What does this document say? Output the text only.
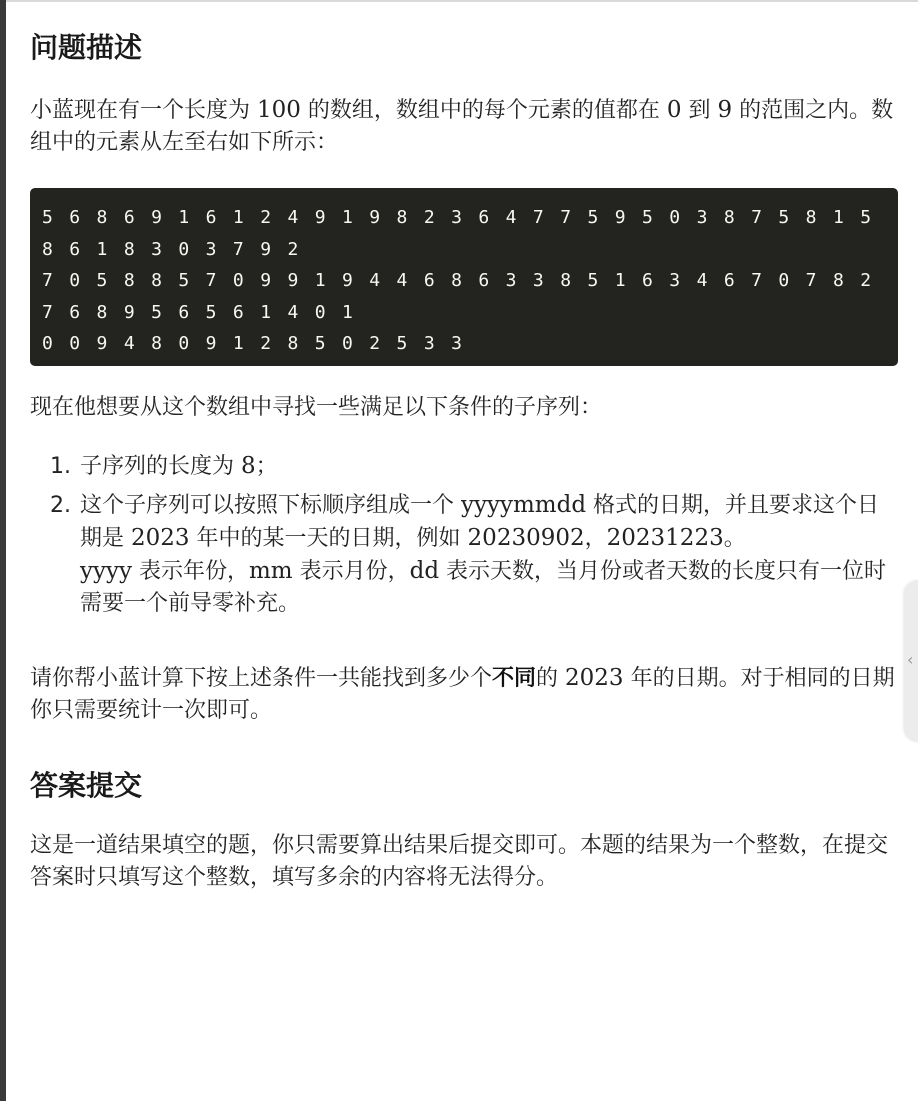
问题描述

小蓝现在有一个长度为 100 的数组，数组中的每个元素的值都在 0 到 9 的范围之内。数组中的元素从左至右如下所示：

5 6 8 6 9 1 6 1 2 4 9 1 9 8 2 3 6 4 7 7 5 9 5 0 3 8 7 5 8 1 5 8 6 1 8 3 0 3 7 9 2
7 0 5 8 8 5 7 0 9 9 1 9 4 4 6 8 6 3 3 8 5 1 6 3 4 6 7 0 7 8 2 7 6 8 9 5 6 5 6 1 4 0 1
0 0 9 4 8 0 9 1 2 8 5 0 2 5 3 3

现在他想要从这个数组中寻找一些满足以下条件的子序列：

1. 子序列的长度为 8；
2. 这个子序列可以按照下标顺序组成一个 yyyymmdd 格式的日期，并且要求这个日期是 2023 年中的某一天的日期，例如 20230902，20231223。
yyyy 表示年份，mm 表示月份，dd 表示天数，当月份或者天数的长度只有一位时需要一个前导零补充。

请你帮小蓝计算下按上述条件一共能找到多少个不同的 2023 年的日期。对于相同的日期你只需要统计一次即可。

答案提交

这是一道结果填空的题，你只需要算出结果后提交即可。本题的结果为一个整数，在提交答案时只填写这个整数，填写多余的内容将无法得分。

‹
